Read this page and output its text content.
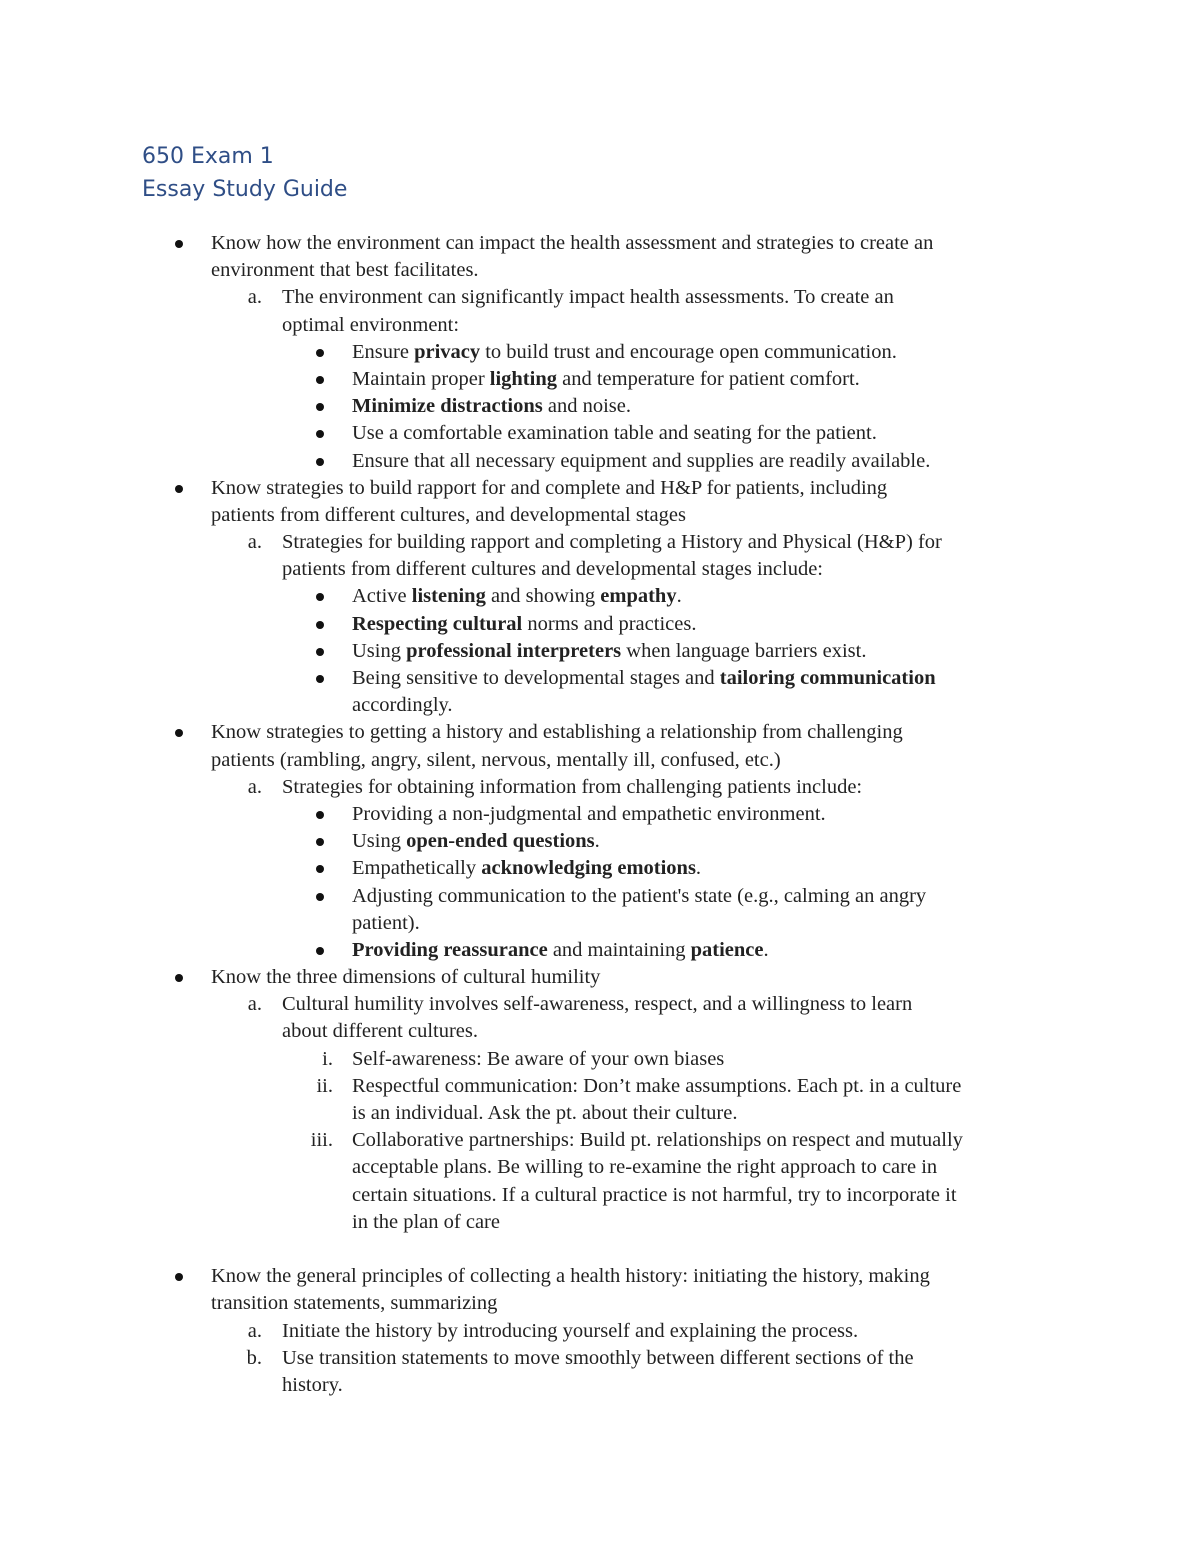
650 Exam 1
Essay Study Guide
Know how the environment can impact the health assessment and strategies to create an
environment that best facilitates.
a. The environment can significantly impact health assessments. To create an
optimal environment:
Ensure privacy to build trust and encourage open communication.
Maintain proper lighting and temperature for patient comfort.
Minimize distractions and noise.
Use a comfortable examination table and seating for the patient.
Ensure that all necessary equipment and supplies are readily available.
Know strategies to build rapport for and complete and H&P for patients, including
patients from different cultures, and developmental stages
a. Strategies for building rapport and completing a History and Physical (H&P) for
patients from different cultures and developmental stages include:
Active listening and showing empathy.
Respecting cultural norms and practices.
Using professional interpreters when language barriers exist.
Being sensitive to developmental stages and tailoring communication
accordingly.
Know strategies to getting a history and establishing a relationship from challenging
patients (rambling, angry, silent, nervous, mentally ill, confused, etc.)
a. Strategies for obtaining information from challenging patients include:
Providing a non-judgmental and empathetic environment.
Using open-ended questions.
Empathetically acknowledging emotions.
Adjusting communication to the patient's state (e.g., calming an angry
patient).
Providing reassurance and maintaining patience.
Know the three dimensions of cultural humility
a. Cultural humility involves self-awareness, respect, and a willingness to learn
about different cultures.
i. Self-awareness: Be aware of your own biases
ii. Respectful communication: Don’t make assumptions. Each pt. in a culture
is an individual. Ask the pt. about their culture.
iii. Collaborative partnerships: Build pt. relationships on respect and mutually
acceptable plans. Be willing to re-examine the right approach to care in
certain situations. If a cultural practice is not harmful, try to incorporate it
in the plan of care
Know the general principles of collecting a health history: initiating the history, making
transition statements, summarizing
a. Initiate the history by introducing yourself and explaining the process.
b. Use transition statements to move smoothly between different sections of the
history.
